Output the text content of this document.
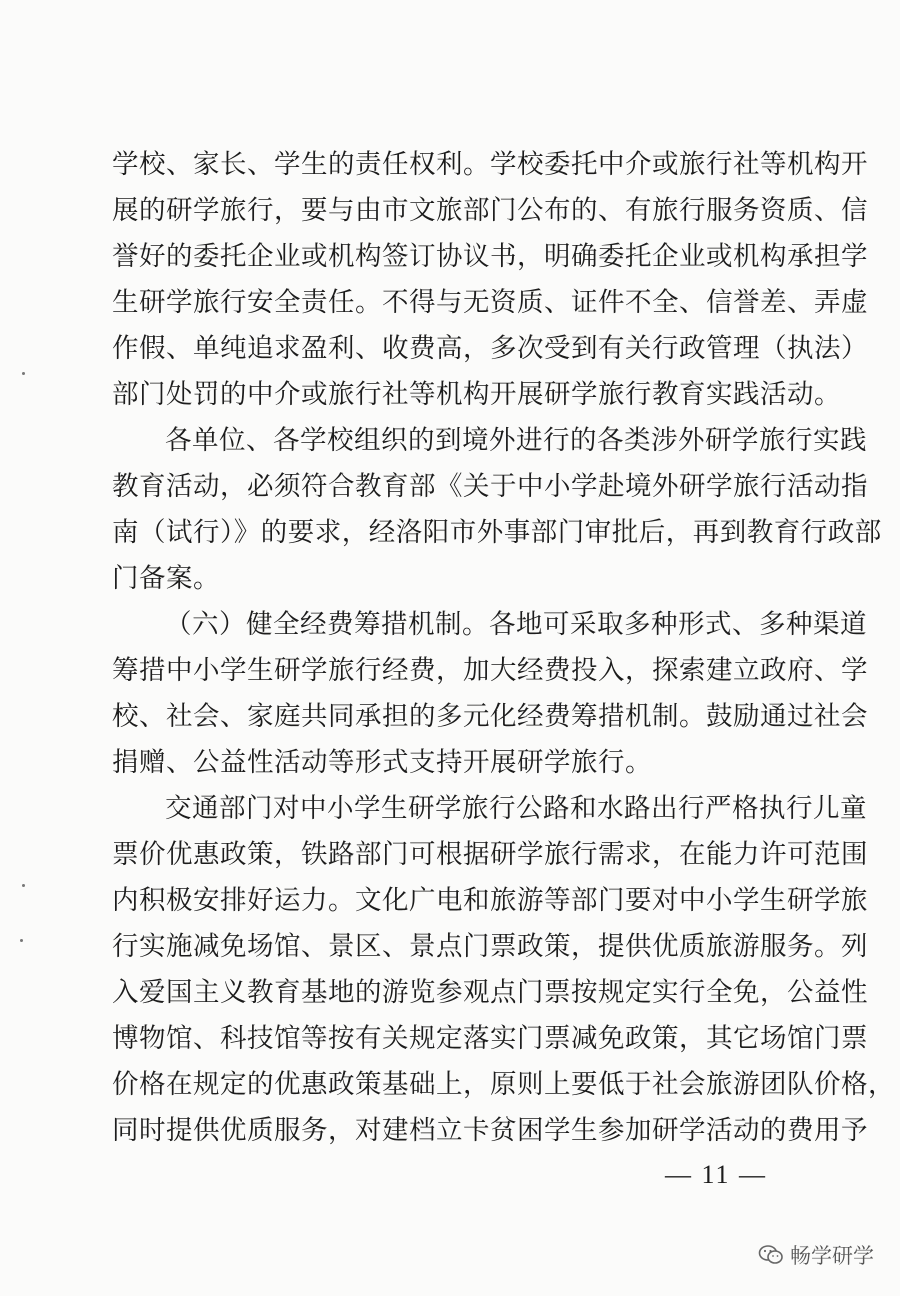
学校、家长、学生的责任权利。学校委托中介或旅行社等机构开
展的研学旅行，要与由市文旅部门公布的、有旅行服务资质、信
誉好的委托企业或机构签订协议书，明确委托企业或机构承担学
生研学旅行安全责任。不得与无资质、证件不全、信誉差、弄虚
作假、单纯追求盈利、收费高，多次受到有关行政管理（执法）
部门处罚的中介或旅行社等机构开展研学旅行教育实践活动。
各单位、各学校组织的到境外进行的各类涉外研学旅行实践
教育活动，必须符合教育部《关于中小学赴境外研学旅行活动指
南（试行）》的要求，经洛阳市外事部门审批后，再到教育行政部
门备案。
（六）健全经费筹措机制。各地可采取多种形式、多种渠道
筹措中小学生研学旅行经费，加大经费投入，探索建立政府、学
校、社会、家庭共同承担的多元化经费筹措机制。鼓励通过社会
捐赠、公益性活动等形式支持开展研学旅行。
交通部门对中小学生研学旅行公路和水路出行严格执行儿童
票价优惠政策，铁路部门可根据研学旅行需求，在能力许可范围
内积极安排好运力。文化广电和旅游等部门要对中小学生研学旅
行实施减免场馆、景区、景点门票政策，提供优质旅游服务。列
入爱国主义教育基地的游览参观点门票按规定实行全免，公益性
博物馆、科技馆等按有关规定落实门票减免政策，其它场馆门票
价格在规定的优惠政策基础上，原则上要低于社会旅游团队价格，
同时提供优质服务，对建档立卡贫困学生参加研学活动的费用予
— 11 —
畅学研学
